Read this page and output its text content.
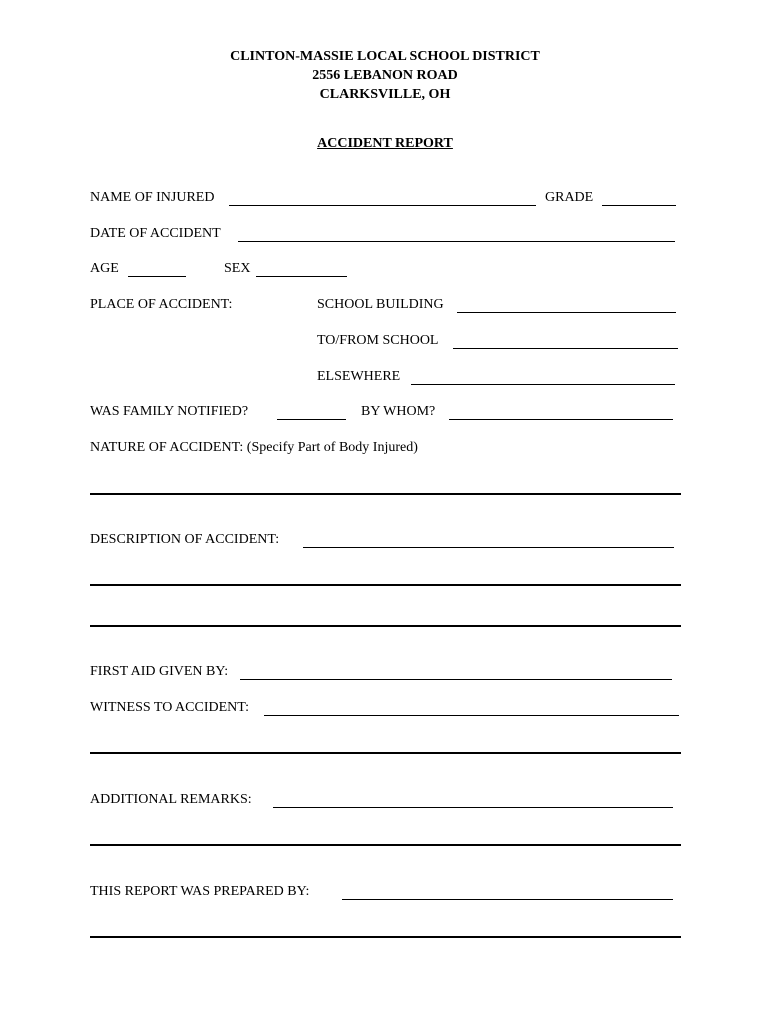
CLINTON-MASSIE LOCAL SCHOOL DISTRICT
2556 LEBANON ROAD
CLARKSVILLE, OH
ACCIDENT REPORT
NAME OF INJURED	GRADE
DATE OF ACCIDENT
AGE	SEX
PLACE OF ACCIDENT:	SCHOOL BUILDING
TO/FROM SCHOOL
ELSEWHERE
WAS FAMILY NOTIFIED?	BY WHOM?
NATURE OF ACCIDENT: (Specify Part of Body Injured)
DESCRIPTION OF ACCIDENT:
FIRST AID GIVEN BY:
WITNESS TO ACCIDENT:
ADDITIONAL REMARKS:
THIS REPORT WAS PREPARED BY:
